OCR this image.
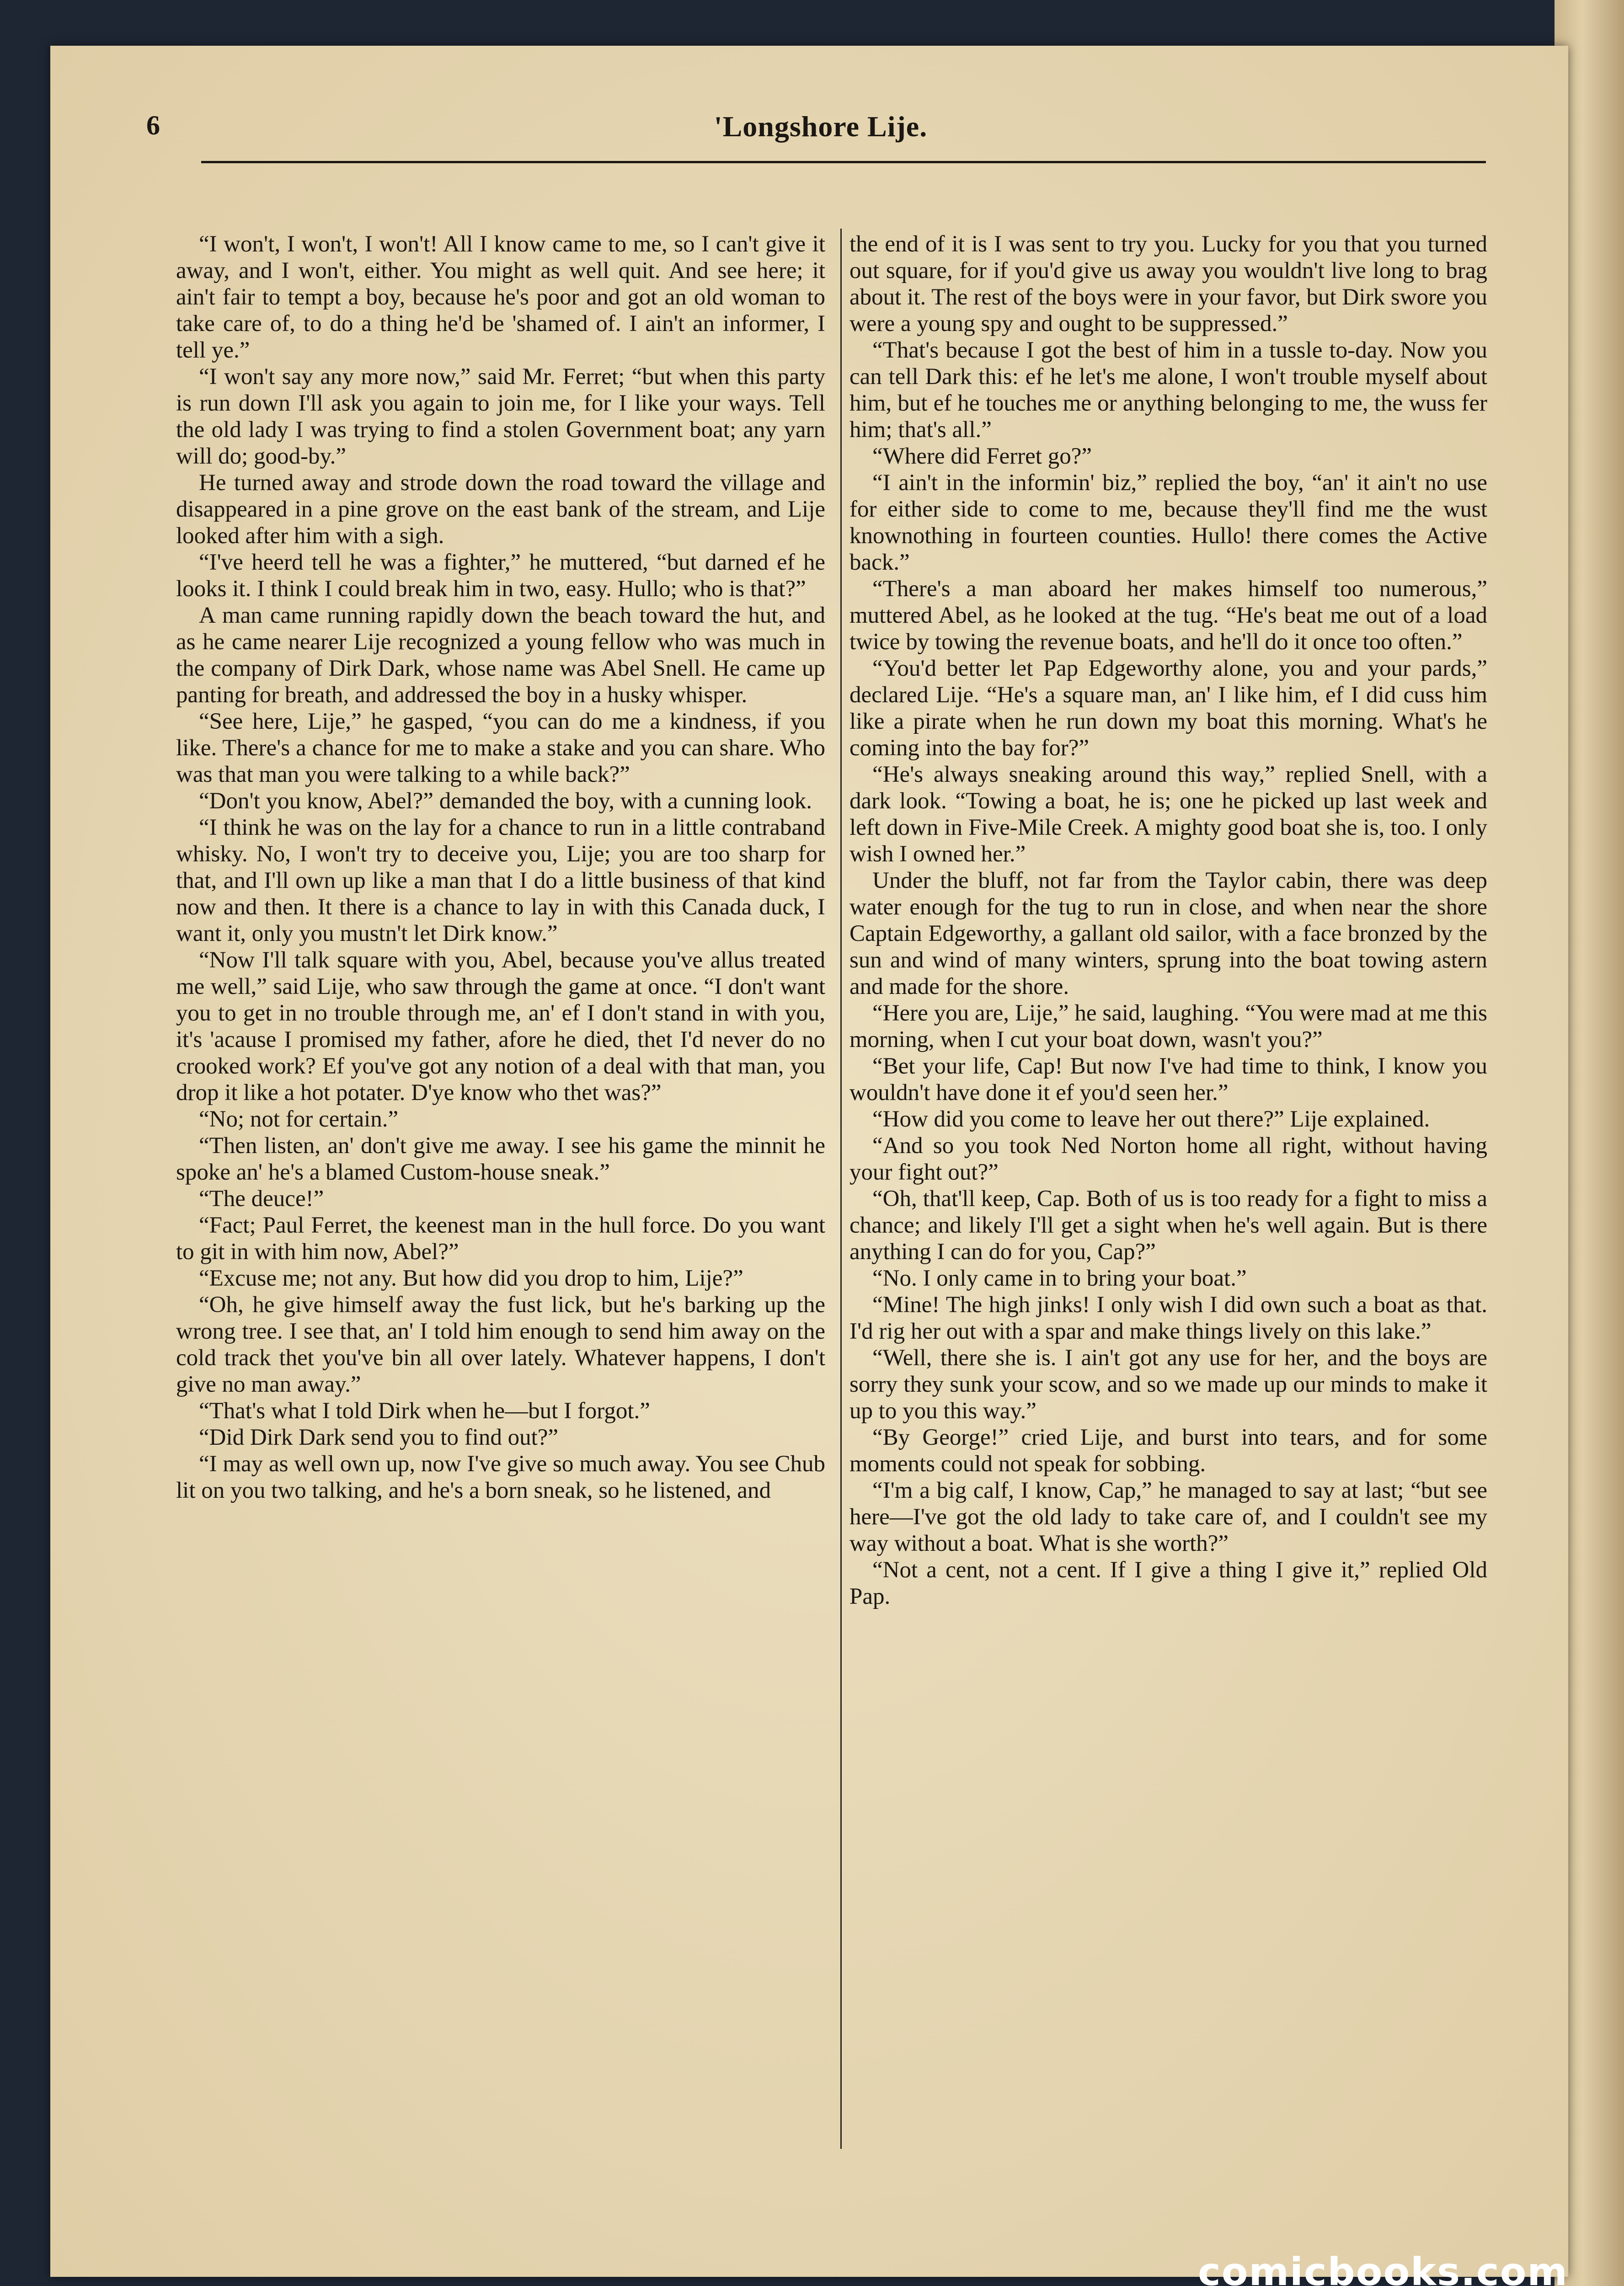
6	'Longshore Lije.

“I won't, I won't, I won't! All I know came to me, so I can't give it away, and I won't, either. You might as well quit. And see here; it ain't fair to tempt a boy, because he's poor and got an old woman to take care of, to do a thing he'd be 'shamed of. I ain't an informer, I tell ye.”

“I won't say any more now,” said Mr. Ferret; “but when this party is run down I'll ask you again to join me, for I like your ways. Tell the old lady I was trying to find a stolen Government boat; any yarn will do; good-by.”

He turned away and strode down the road toward the village and disappeared in a pine grove on the east bank of the stream, and Lije looked after him with a sigh.

“I've heerd tell he was a fighter,” he muttered, “but darned ef he looks it. I think I could break him in two, easy. Hullo; who is that?”

A man came running rapidly down the beach toward the hut, and as he came nearer Lije recognized a young fellow who was much in the company of Dirk Dark, whose name was Abel Snell. He came up panting for breath, and addressed the boy in a husky whisper.

“See here, Lije,” he gasped, “you can do me a kindness, if you like. There's a chance for me to make a stake and you can share. Who was that man you were talking to a while back?”

“Don't you know, Abel?” demanded the boy, with a cunning look.

“I think he was on the lay for a chance to run in a little contraband whisky. No, I won't try to deceive you, Lije; you are too sharp for that, and I'll own up like a man that I do a little business of that kind now and then. It there is a chance to lay in with this Canada duck, I want it, only you mustn't let Dirk know.”

“Now I'll talk square with you, Abel, because you've allus treated me well,” said Lije, who saw through the game at once. “I don't want you to get in no trouble through me, an' ef I don't stand in with you, it's 'acause I promised my father, afore he died, thet I'd never do no crooked work? Ef you've got any notion of a deal with that man, you drop it like a hot potater. D'ye know who thet was?”

“No; not for certain.”

“Then listen, an' don't give me away. I see his game the minnit he spoke an' he's a blamed Custom-house sneak.”

“The deuce!”

“Fact; Paul Ferret, the keenest man in the hull force. Do you want to git in with him now, Abel?”

“Excuse me; not any. But how did you drop to him, Lije?”

“Oh, he give himself away the fust lick, but he's barking up the wrong tree. I see that, an' I told him enough to send him away on the cold track thet you've bin all over lately. Whatever happens, I don't give no man away.”

“That's what I told Dirk when he—but I forgot.”

“Did Dirk Dark send you to find out?”

“I may as well own up, now I've give so much away. You see Chub lit on you two talking, and he's a born sneak, so he listened, and

the end of it is I was sent to try you. Lucky for you that you turned out square, for if you'd give us away you wouldn't live long to brag about it. The rest of the boys were in your favor, but Dirk swore you were a young spy and ought to be suppressed.”

“That's because I got the best of him in a tussle to-day. Now you can tell Dark this: ef he let's me alone, I won't trouble myself about him, but ef he touches me or anything belonging to me, the wuss fer him; that's all.”

“Where did Ferret go?”

“I ain't in the informin' biz,” replied the boy, “an' it ain't no use for either side to come to me, because they'll find me the wust knownothing in fourteen counties. Hullo! there comes the Active back.”

“There's a man aboard her makes himself too numerous,” muttered Abel, as he looked at the tug. “He's beat me out of a load twice by towing the revenue boats, and he'll do it once too often.”

“You'd better let Pap Edgeworthy alone, you and your pards,” declared Lije. “He's a square man, an' I like him, ef I did cuss him like a pirate when he run down my boat this morning. What's he coming into the bay for?”

“He's always sneaking around this way,” replied Snell, with a dark look. “Towing a boat, he is; one he picked up last week and left down in Five-Mile Creek. A mighty good boat she is, too. I only wish I owned her.”

Under the bluff, not far from the Taylor cabin, there was deep water enough for the tug to run in close, and when near the shore Captain Edgeworthy, a gallant old sailor, with a face bronzed by the sun and wind of many winters, sprung into the boat towing astern and made for the shore.

“Here you are, Lije,” he said, laughing. “You were mad at me this morning, when I cut your boat down, wasn't you?”

“Bet your life, Cap! But now I've had time to think, I know you wouldn't have done it ef you'd seen her.”

“How did you come to leave her out there?” Lije explained.

“And so you took Ned Norton home all right, without having your fight out?”

“Oh, that'll keep, Cap. Both of us is too ready for a fight to miss a chance; and likely I'll get a sight when he's well again. But is there anything I can do for you, Cap?”

“No. I only came in to bring your boat.”

“Mine! The high jinks! I only wish I did own such a boat as that. I'd rig her out with a spar and make things lively on this lake.”

“Well, there she is. I ain't got any use for her, and the boys are sorry they sunk your scow, and so we made up our minds to make it up to you this way.”

“By George!” cried Lije, and burst into tears, and for some moments could not speak for sobbing.

“I'm a big calf, I know, Cap,” he managed to say at last; “but see here—I've got the old lady to take care of, and I couldn't see my way without a boat. What is she worth?”

“Not a cent, not a cent. If I give a thing I give it,” replied Old Pap.

comicbooks.com
